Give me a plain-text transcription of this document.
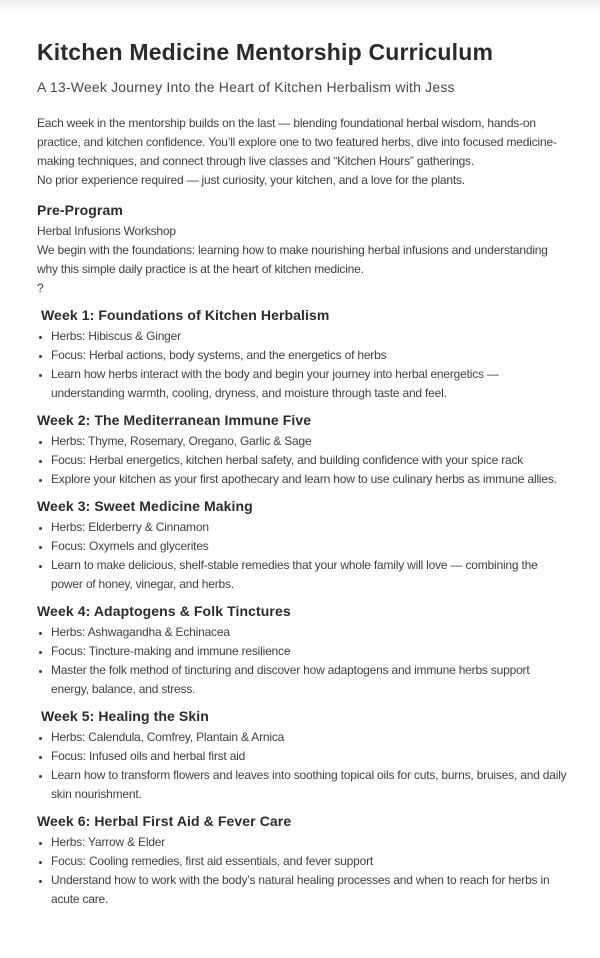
Kitchen Medicine Mentorship Curriculum

A 13-Week Journey Into the Heart of Kitchen Herbalism with Jess

Each week in the mentorship builds on the last — blending foundational herbal wisdom, hands-on practice, and kitchen confidence. You’ll explore one to two featured herbs, dive into focused medicine-making techniques, and connect through live classes and “Kitchen Hours” gatherings.

No prior experience required — just curiosity, your kitchen, and a love for the plants.

Pre-Program

Herbal Infusions Workshop

We begin with the foundations: learning how to make nourishing herbal infusions and understanding why this simple daily practice is at the heart of kitchen medicine.

?

Week 1: Foundations of Kitchen Herbalism
• Herbs: Hibiscus & Ginger
• Focus: Herbal actions, body systems, and the energetics of herbs
• Learn how herbs interact with the body and begin your journey into herbal energetics — understanding warmth, cooling, dryness, and moisture through taste and feel.
Week 2: The Mediterranean Immune Five
• Herbs: Thyme, Rosemary, Oregano, Garlic & Sage
• Focus: Herbal energetics, kitchen herbal safety, and building confidence with your spice rack
• Explore your kitchen as your first apothecary and learn how to use culinary herbs as immune allies.
Week 3: Sweet Medicine Making
• Herbs: Elderberry & Cinnamon
• Focus: Oxymels and glycerites
• Learn to make delicious, shelf-stable remedies that your whole family will love — combining the power of honey, vinegar, and herbs.
Week 4: Adaptogens & Folk Tinctures
• Herbs: Ashwagandha & Echinacea
• Focus: Tincture-making and immune resilience
• Master the folk method of tincturing and discover how adaptogens and immune herbs support energy, balance, and stress.
Week 5: Healing the Skin
• Herbs: Calendula, Comfrey, Plantain & Arnica
• Focus: Infused oils and herbal first aid
• Learn how to transform flowers and leaves into soothing topical oils for cuts, burns, bruises, and daily skin nourishment.
Week 6: Herbal First Aid & Fever Care
• Herbs: Yarrow & Elder
• Focus: Cooling remedies, first aid essentials, and fever support
• Understand how to work with the body’s natural healing processes and when to reach for herbs in acute care.
